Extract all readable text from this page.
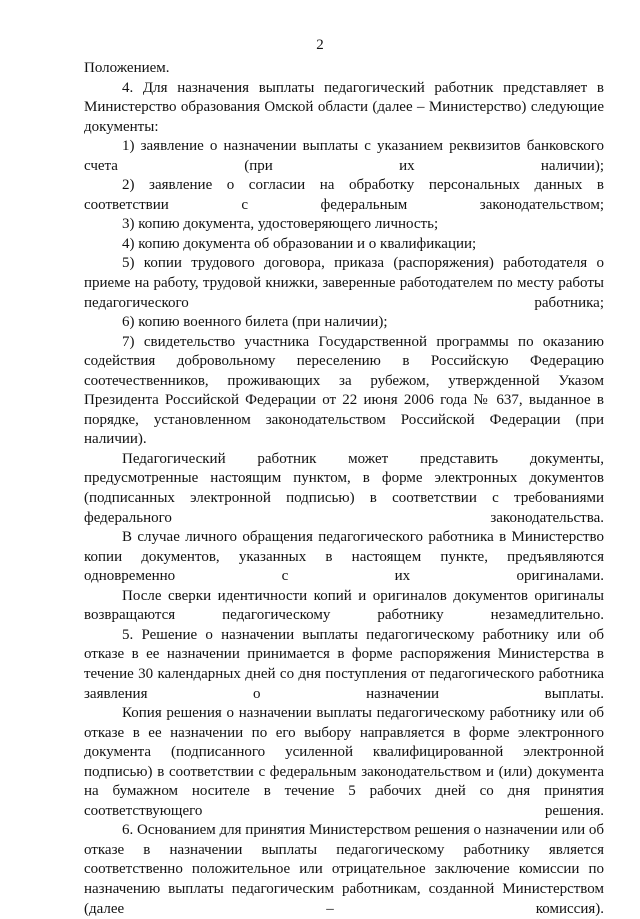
2

Положением.

4. Для назначения выплаты педагогический работник представляет в Министерство образования Омской области (далее – Министерство) следующие документы:

1) заявление о назначении выплаты с указанием реквизитов банковского счета (при их наличии);

2) заявление о согласии на обработку персональных данных в соответствии с федеральным законодательством;

3) копию документа, удостоверяющего личность;

4) копию документа об образовании и о квалификации;

5) копии трудового договора, приказа (распоряжения) работодателя о приеме на работу, трудовой книжки, заверенные работодателем по месту работы педагогического работника;

6) копию военного билета (при наличии);

7) свидетельство участника Государственной программы по оказанию содействия добровольному переселению в Российскую Федерацию соотечественников, проживающих за рубежом, утвержденной Указом Президента Российской Федерации от 22 июня 2006 года № 637, выданное в порядке, установленном законодательством Российской Федерации (при наличии).

Педагогический работник может представить документы, предусмотренные настоящим пунктом, в форме электронных документов (подписанных электронной подписью) в соответствии с требованиями федерального законодательства.

В случае личного обращения педагогического работника в Министерство копии документов, указанных в настоящем пункте, предъявляются одновременно с их оригиналами.

После сверки идентичности копий и оригиналов документов оригиналы возвращаются педагогическому работнику незамедлительно.

5. Решение о назначении выплаты педагогическому работнику или об отказе в ее назначении принимается в форме распоряжения Министерства в течение 30 календарных дней со дня поступления от педагогического работника заявления о назначении выплаты.

Копия решения о назначении выплаты педагогическому работнику или об отказе в ее назначении по его выбору направляется в форме электронного документа (подписанного усиленной квалифицированной электронной подписью) в соответствии с федеральным законодательством и (или) документа на бумажном носителе в течение 5 рабочих дней со дня принятия соответствующего решения.

6. Основанием для принятия Министерством решения о назначении или об отказе в назначении выплаты педагогическому работнику является соответственно положительное или отрицательное заключение комиссии по назначению выплаты педагогическим работникам, созданной Министерством (далее – комиссия).
